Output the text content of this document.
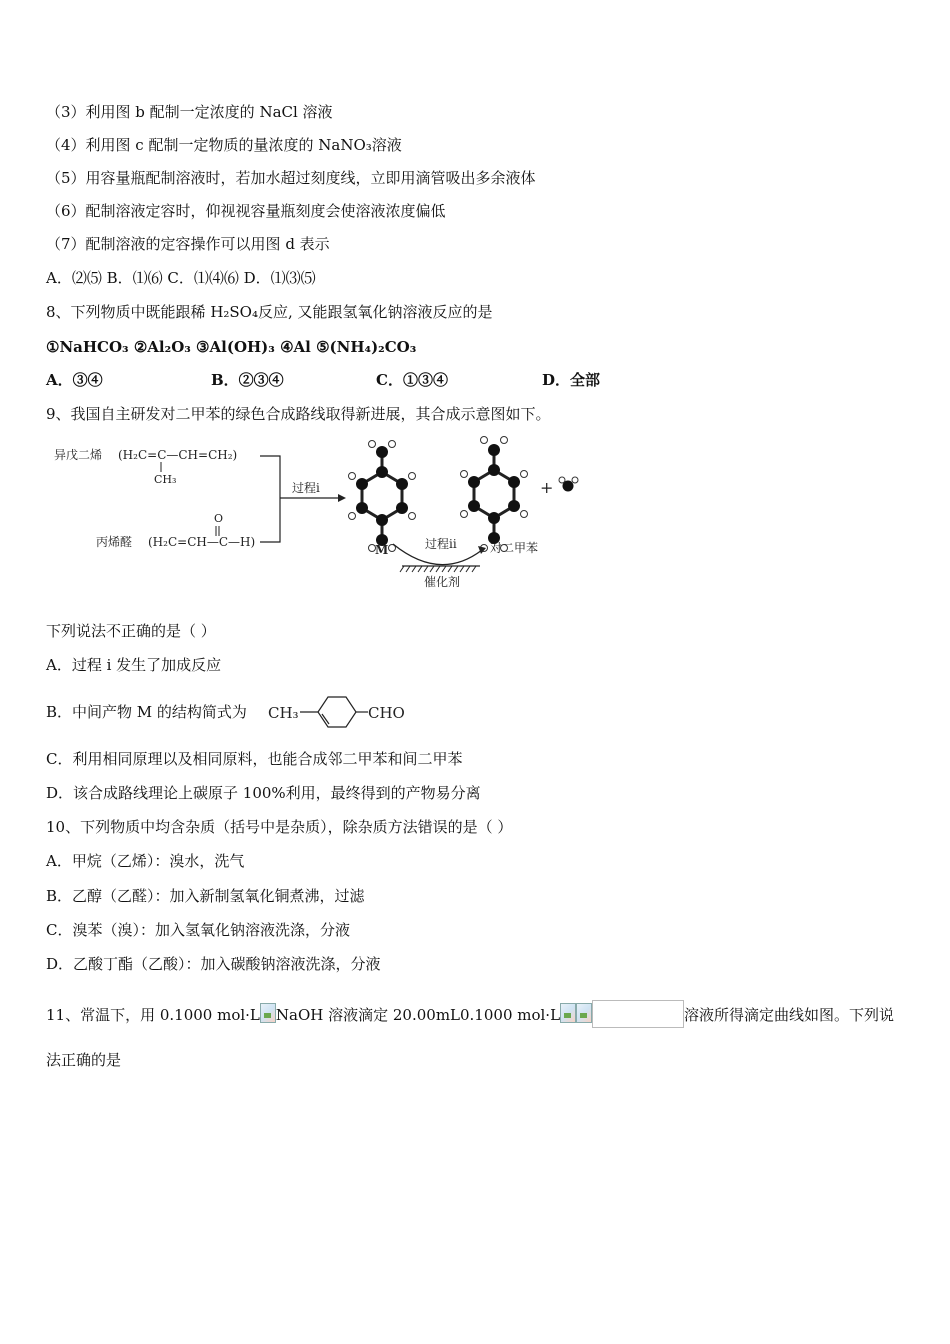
（3）利用图 b 配制一定浓度的 NaCl 溶液
（4）利用图 c 配制一定物质的量浓度的 NaNO₃溶液
（5）用容量瓶配制溶液时，若加水超过刻度线，立即用滴管吸出多余液体
（6）配制溶液定容时，仰视视容量瓶刻度会使溶液浓度偏低
（7）配制溶液的定容操作可以用图 d 表示
A．⑵⑸ B．⑴⑹ C．⑴⑷⑹ D．⑴⑶⑸
8、下列物质中既能跟稀 H₂SO₄反应, 又能跟氢氧化钠溶液反应的是
①NaHCO₃ ②Al₂O₃ ③Al(OH)₃ ④Al ⑤(NH₄)₂CO₃
A．③④	B．②③④	C．①③④	D．全部
9、我国自主研发对二甲苯的绿色合成路线取得新进展，其合成示意图如下。
异戊二烯 (H₂C=C—CH=CH₂)
CH₃
丙烯醛 (H₂C=CH—C—H)
O
过程i	+
M	过程ii	对二甲苯
催化剂
下列说法不正确的是（ ）
A．过程 i 发生了加成反应
B．中间产物 M 的结构简式为 CH₃	CHO
C．利用相同原理以及相同原料，也能合成邻二甲苯和间二甲苯
D．该合成路线理论上碳原子 100%利用，最终得到的产物易分离
10、下列物质中均含杂质（括号中是杂质），除杂质方法错误的是（ ）
A．甲烷（乙烯）：溴水，洗气
B．乙醇（乙醛）：加入新制氢氧化铜煮沸，过滤
C．溴苯（溴）：加入氢氧化钠溶液洗涤，分液
D．乙酸丁酯（乙酸）：加入碳酸钠溶液洗涤，分液
11、常温下，用 0.1000 mol·L NaOH 溶液滴定 20.00mL0.1000 mol·L	溶液所得滴定曲线如图。下列说
法正确的是
